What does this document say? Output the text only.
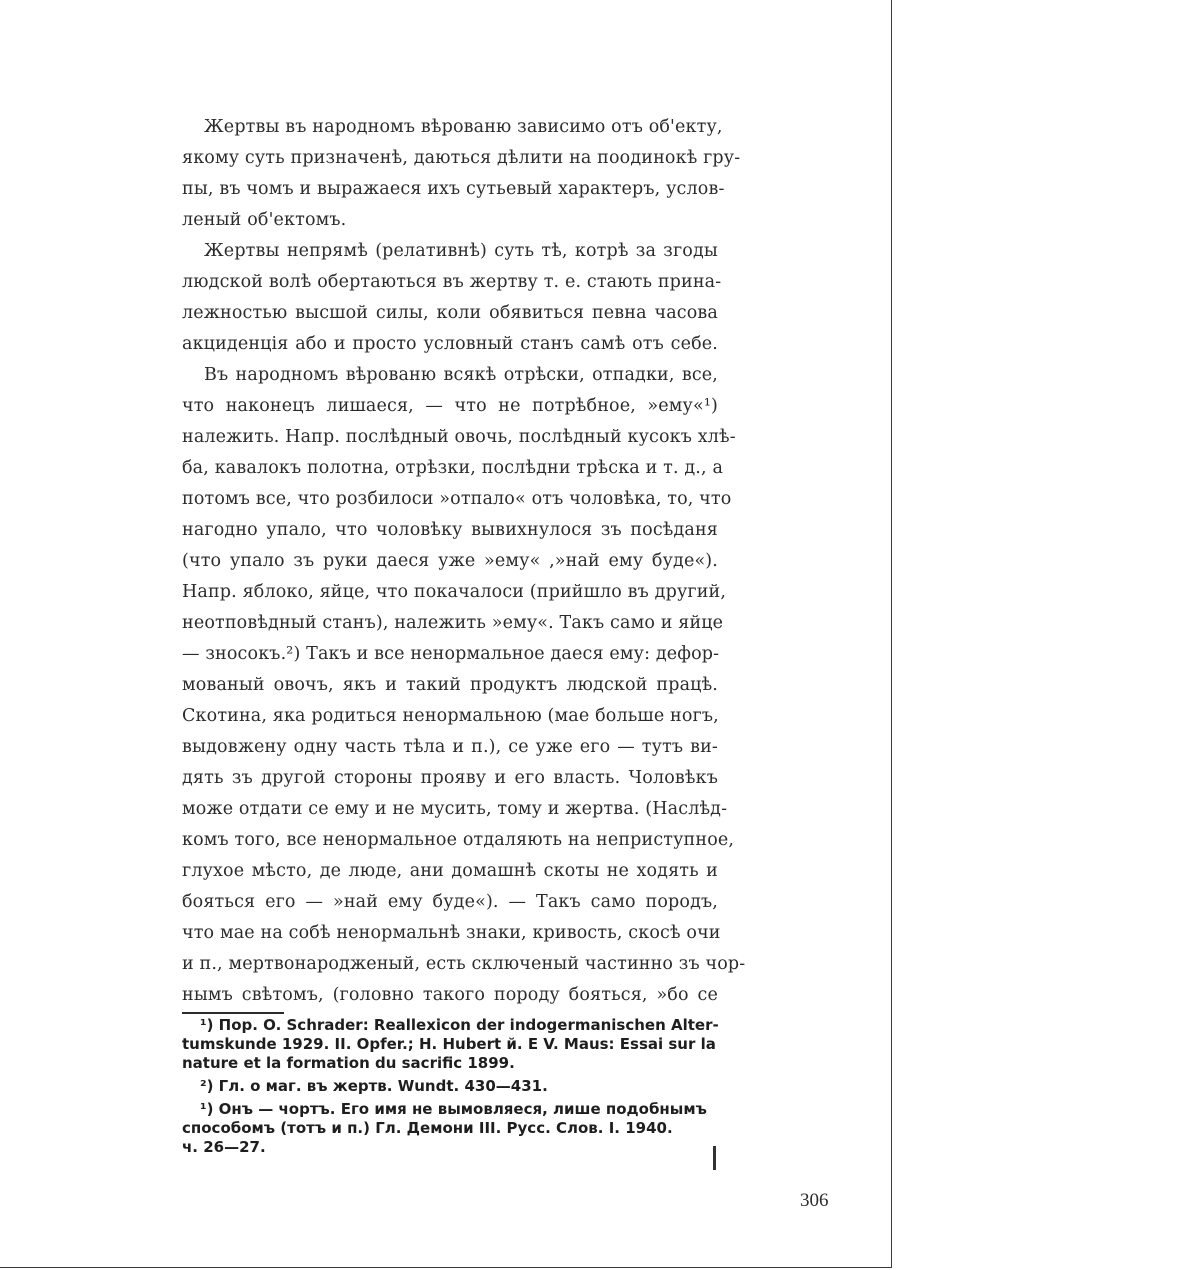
Жертвы въ народномъ вѣрованю зависимо отъ об'екту,
якому суть призначенѣ, даються дѣлити на поодинокѣ гру-
пы, въ чомъ и выражаеся ихъ сутьевый характеръ, услов-
леный об'ектомъ.

Жертвы непрямѣ (релативнѣ) суть тѣ, котрѣ за згоды
людской волѣ обертаються въ жертву т. е. стають прина-
лежностью высшой силы, коли обявиться певна часова
акциденція або и просто условный станъ самѣ отъ себе.

Въ народномъ вѣрованю всякѣ отрѣски, отпадки, все,
что наконецъ лишаеся, — что не потрѣбное, »ему«¹)
належить. Напр. послѣдный овочь, послѣдный кусокъ хлѣ-
ба, кавалокъ полотна, отрѣзки, послѣдни трѣска и т. д., а
потомъ все, что розбилоси »отпало« отъ чоловѣка, то, что
нагодно упало, что чоловѣку вывихнулося зъ посѣданя
(что упало зъ руки даеся уже »ему« ,»най ему буде«).
Напр. яблоко, яйце, что покачалоси (прийшло въ другий,
неотповѣдный станъ), належить »ему«. Такъ само и яйце
— зносокъ.²) Такъ и все ненормальное даеся ему: дефор-
мованый овочъ, якъ и такий продуктъ людской працѣ.
Скотина, яка родиться ненормальною (мае больше ногъ,
выдовжену одну часть тѣла и п.), се уже его — тутъ ви-
дять зъ другой стороны прояву и его власть. Чоловѣкъ
може отдати се ему и не мусить, тому и жертва. (Наслѣд-
комъ того, все ненормальное отдаляють на неприступное,
глухое мѣсто, де люде, ани домашнѣ скоты не ходять и
бояться его — »най ему буде«). — Такъ само породъ,
что мае на собѣ ненормальнѣ знаки, кривость, скосѣ очи
и п., мертвонародженый, есть сключеный частинно зъ чор-
нымъ свѣтомъ, (головно такого породу бояться, »бо се

¹) Пор. O. Schrader: Reallexicon der indogermanischen Alter-
tumskunde 1929. II. Opfer.; H. Hubert й. E V. Maus: Essai sur la
nature et la formation du sacrific 1899.
²) Гл. о маг. въ жертв. Wundt. 430—431.
¹) Онъ — чортъ. Его имя не вымовляеся, лише подобнымъ
способомъ (тотъ и п.) Гл. Демони III. Русс. Слов. I. 1940.
ч. 26—27.
306
